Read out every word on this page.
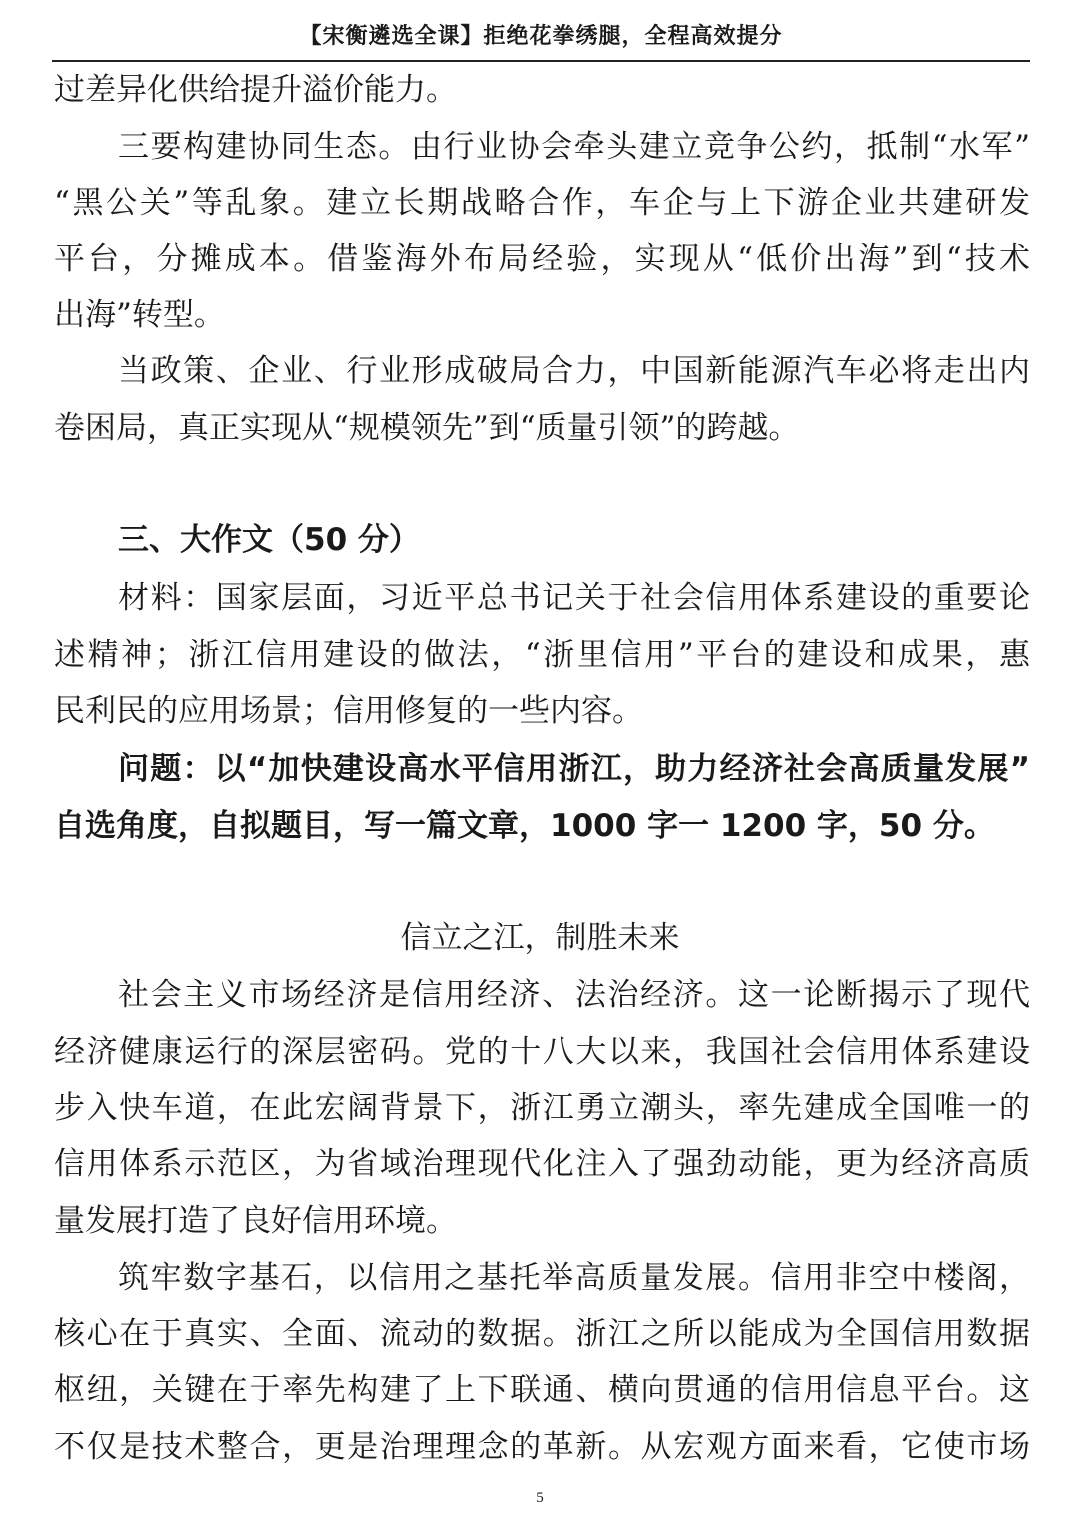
【宋衡遴选全课】拒绝花拳绣腿，全程高效提分
过差异化供给提升溢价能力。
三要构建协同生态。由行业协会牵头建立竞争公约，抵制“水军”
“黑公关”等乱象。建立长期战略合作，车企与上下游企业共建研发
平台，分摊成本。借鉴海外布局经验，实现从“低价出海”到“技术
出海”转型。
当政策、企业、行业形成破局合力，中国新能源汽车必将走出内
卷困局，真正实现从“规模领先”到“质量引领”的跨越。
三、大作文（50 分）
材料：国家层面，习近平总书记关于社会信用体系建设的重要论
述精神；浙江信用建设的做法，“浙里信用”平台的建设和成果，惠
民利民的应用场景；信用修复的一些内容。
问题：以“加快建设高水平信用浙江，助力经济社会高质量发展”
自选角度，自拟题目，写一篇文章，1000 字一 1200 字，50 分。
信立之江，制胜未来
社会主义市场经济是信用经济、法治经济。这一论断揭示了现代
经济健康运行的深层密码。党的十八大以来，我国社会信用体系建设
步入快车道，在此宏阔背景下，浙江勇立潮头，率先建成全国唯一的
信用体系示范区，为省域治理现代化注入了强劲动能，更为经济高质
量发展打造了良好信用环境。
筑牢数字基石，以信用之基托举高质量发展。信用非空中楼阁，
核心在于真实、全面、流动的数据。浙江之所以能成为全国信用数据
枢纽，关键在于率先构建了上下联通、横向贯通的信用信息平台。这
不仅是技术整合，更是治理理念的革新。从宏观方面来看，它使市场
5
